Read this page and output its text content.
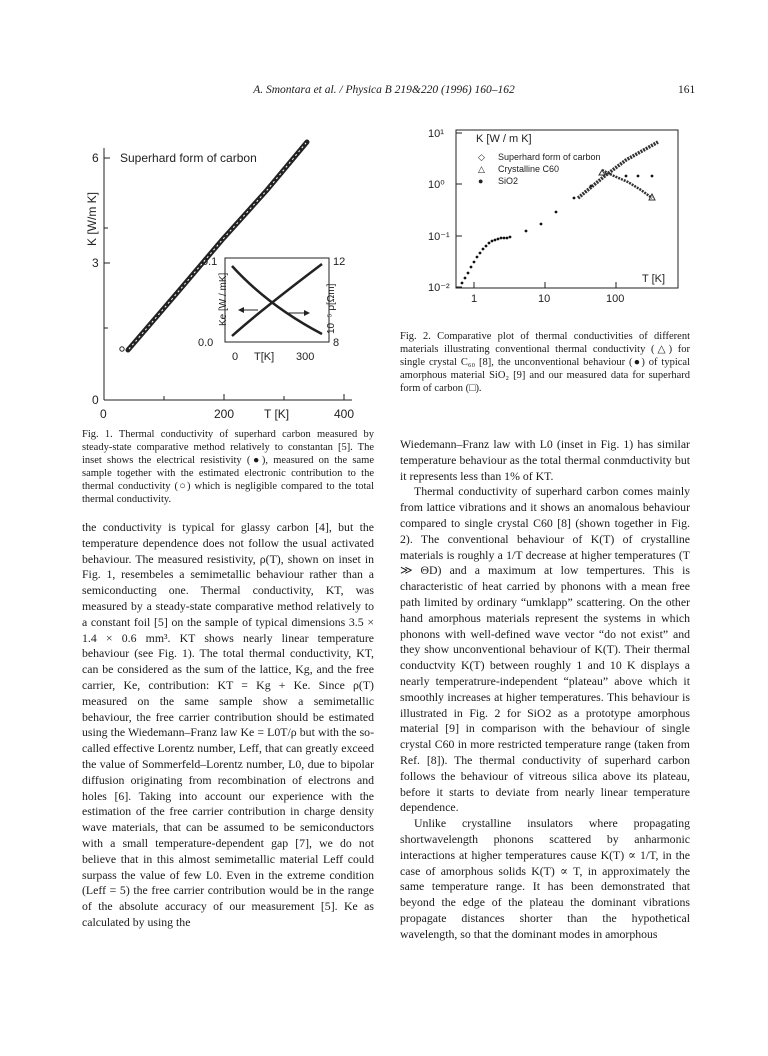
A. Smontara et al. / Physica B 219&220 (1996) 160–162	161
6
3
0
0	200	400
T [K]
K [W/m K]
Superhard form of carbon
0.1
0.0
12
8
0 T[K] 300
Ke [W / mK]	10⁻⁵ ρ[Ωm]
Fig. 1. Thermal conductivity of superhard carbon measured by steady-state comparative method relatively to constantan [5]. The inset shows the electrical resistivity (●), measured on the same sample together with the estimated electronic contribution to the thermal conductivity (○) which is negligible compared to the total thermal conductivity.
10¹
10⁰
10⁻¹
10⁻²
1	10	100
K [W / m K]
T [K]
◇ Superhard form of carbon
△ Crystalline C60
● SiO2
Fig. 2. Comparative plot of thermal conductivities of different materials illustrating conventional thermal conductivity (△) for single crystal C₆₀ [8], the unconventional behaviour (●) of typical amorphous material SiO₂ [9] and our measured data for superhard form of carbon (□).

the conductivity is typical for glassy carbon [4], but the temperature dependence does not follow the usual activated behaviour. The measured resistivity, ρ(T), shown on inset in Fig. 1, resembeles a semimetallic behaviour rather than a semiconducting one. Thermal conductivity, KT, was measured by a steady-state comparative method relatively to a constant foil [5] on the sample of typical dimensions 3.5 × 1.4 × 0.6 mm³. KT shows nearly linear temperature behaviour (see Fig. 1). The total thermal conductivity, KT, can be considered as the sum of the lattice, Kg, and the free carrier, Ke, contribution: KT = Kg + Ke. Since ρ(T) measured on the same sample show a semimetallic behaviour, the free carrier contribution should be estimated using the Wiedemann–Franz law Ke = L0T/ρ but with the so-called effective Lorentz number, Leff, that can greatly exceed the value of Sommerfeld–Lorentz number, L0, due to bipolar diffusion originating from recombination of electrons and holes [6]. Taking into account our experience with the estimation of the free carrier contribution in charge density wave materials, that can be assumed to be semiconductors with a small temperature-dependent gap [7], we do not believe that in this almost semimetallic material Leff could surpass the value of few L0. Even in the extreme condition (Leff = 5) the free carrier contribution would be in the range of the absolute accuracy of our measurement [5]. Ke as calculated by using the

Wiedemann–Franz law with L0 (inset in Fig. 1) has similar temperature behaviour as the total thermal conmductivity but it represents less than 1% of KT.

Thermal conductivity of superhard carbon comes mainly from lattice vibrations and it shows an anomalous behaviour compared to single crystal C60 [8] (shown together in Fig. 2). The conventional behaviour of K(T) of crystalline materials is roughly a 1/T decrease at higher temperatures (T ≫ ΘD) and a maximum at low tempertures. This is characteristic of heat carried by phonons with a mean free path limited by ordinary “umklapp” scattering. On the other hand amorphous materials represent the systems in which phonons with well-defined wave vector “do not exist” and they show unconventional behaviour of K(T). Their thermal conductvity K(T) between roughly 1 and 10 K displays a nearly temperatrure-independent “plateau” above which it smoothly increases at higher temperatures. This behaviour is illustrated in Fig. 2 for SiO2 as a prototype amorphous material [9] in comparison with the behaviour of single crystal C60 in more restricted temperature range (taken from Ref. [8]). The thermal conductivity of superhard carbon follows the behaviour of vitreous silica above its plateau, before it starts to deviate from nearly linear temperature dependence.

Unlike crystalline insulators where propagating shortwavelength phonons scattered by anharmonic interactions at higher temperatures cause K(T) ∝ 1/T, in the case of amorphous solids K(T) ∝ T, in approximately the same temperature range. It has been demonstrated that beyond the edge of the plateau the dominant vibrations propagate distances shorter than the hypothetical wavelength, so that the dominant modes in amorphous
